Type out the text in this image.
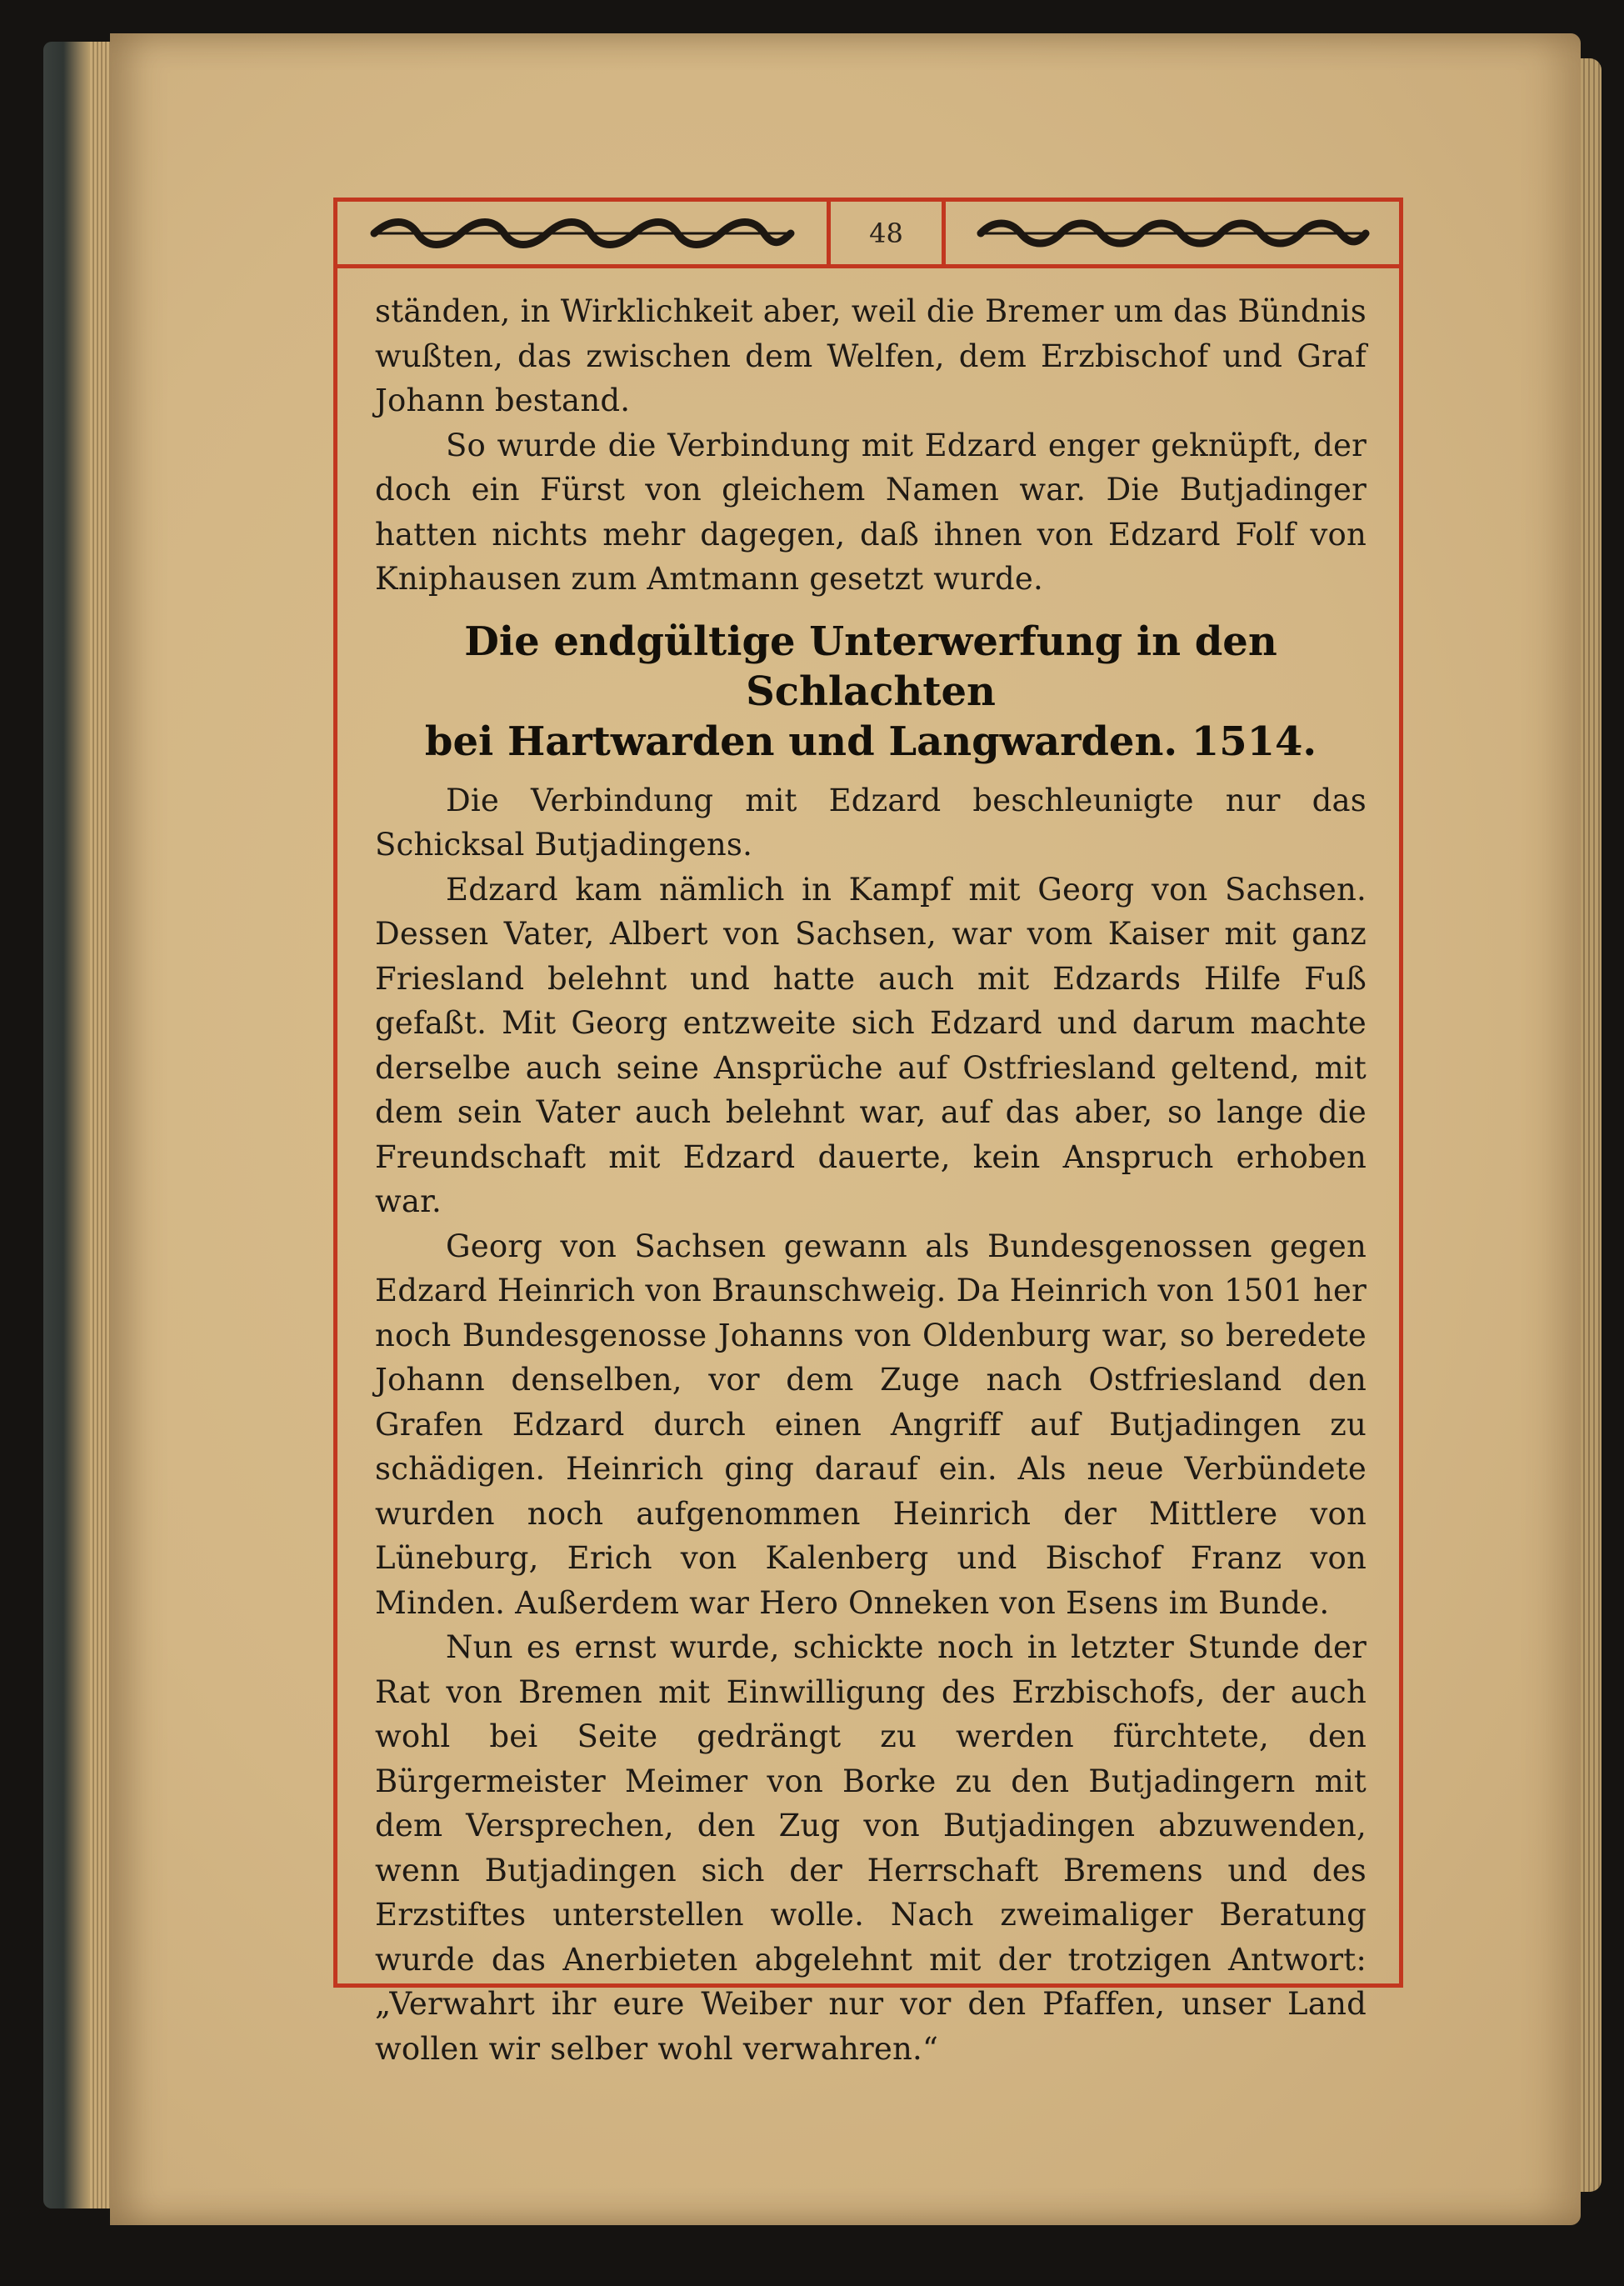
48

ständen, in Wirklichkeit aber, weil die Bremer um das Bündnis wußten, das zwischen dem Welfen, dem Erzbischof und Graf Johann bestand.

So wurde die Verbindung mit Edzard enger geknüpft, der doch ein Fürst von gleichem Namen war. Die Butjadinger hatten nichts mehr dagegen, daß ihnen von Edzard Folf von Kniphausen zum Amtmann gesetzt wurde.

Die endgültige Unterwerfung in den Schlachten
bei Hartwarden und Langwarden. 1514.

Die Verbindung mit Edzard beschleunigte nur das Schicksal Butjadingens.

Edzard kam nämlich in Kampf mit Georg von Sachsen. Dessen Vater, Albert von Sachsen, war vom Kaiser mit ganz Friesland belehnt und hatte auch mit Edzards Hilfe Fuß gefaßt. Mit Georg entzweite sich Edzard und darum machte derselbe auch seine Ansprüche auf Ostfriesland geltend, mit dem sein Vater auch belehnt war, auf das aber, so lange die Freundschaft mit Edzard dauerte, kein Anspruch erhoben war.

Georg von Sachsen gewann als Bundesgenossen gegen Edzard Heinrich von Braunschweig. Da Heinrich von 1501 her noch Bundesgenosse Johanns von Oldenburg war, so beredete Johann denselben, vor dem Zuge nach Ostfriesland den Grafen Edzard durch einen Angriff auf Butjadingen zu schädigen. Heinrich ging darauf ein. Als neue Verbündete wurden noch aufgenommen Heinrich der Mittlere von Lüneburg, Erich von Kalenberg und Bischof Franz von Minden. Außerdem war Hero Onneken von Esens im Bunde.

Nun es ernst wurde, schickte noch in letzter Stunde der Rat von Bremen mit Einwilligung des Erzbischofs, der auch wohl bei Seite gedrängt zu werden fürchtete, den Bürgermeister Meimer von Borke zu den Butjadingern mit dem Versprechen, den Zug von Butjadingen abzuwenden, wenn Butjadingen sich der Herrschaft Bremens und des Erzstiftes unterstellen wolle. Nach zweimaliger Beratung wurde das Anerbieten abgelehnt mit der trotzigen Antwort: „Verwahrt ihr eure Weiber nur vor den Pfaffen, unser Land wollen wir selber wohl verwahren.“
